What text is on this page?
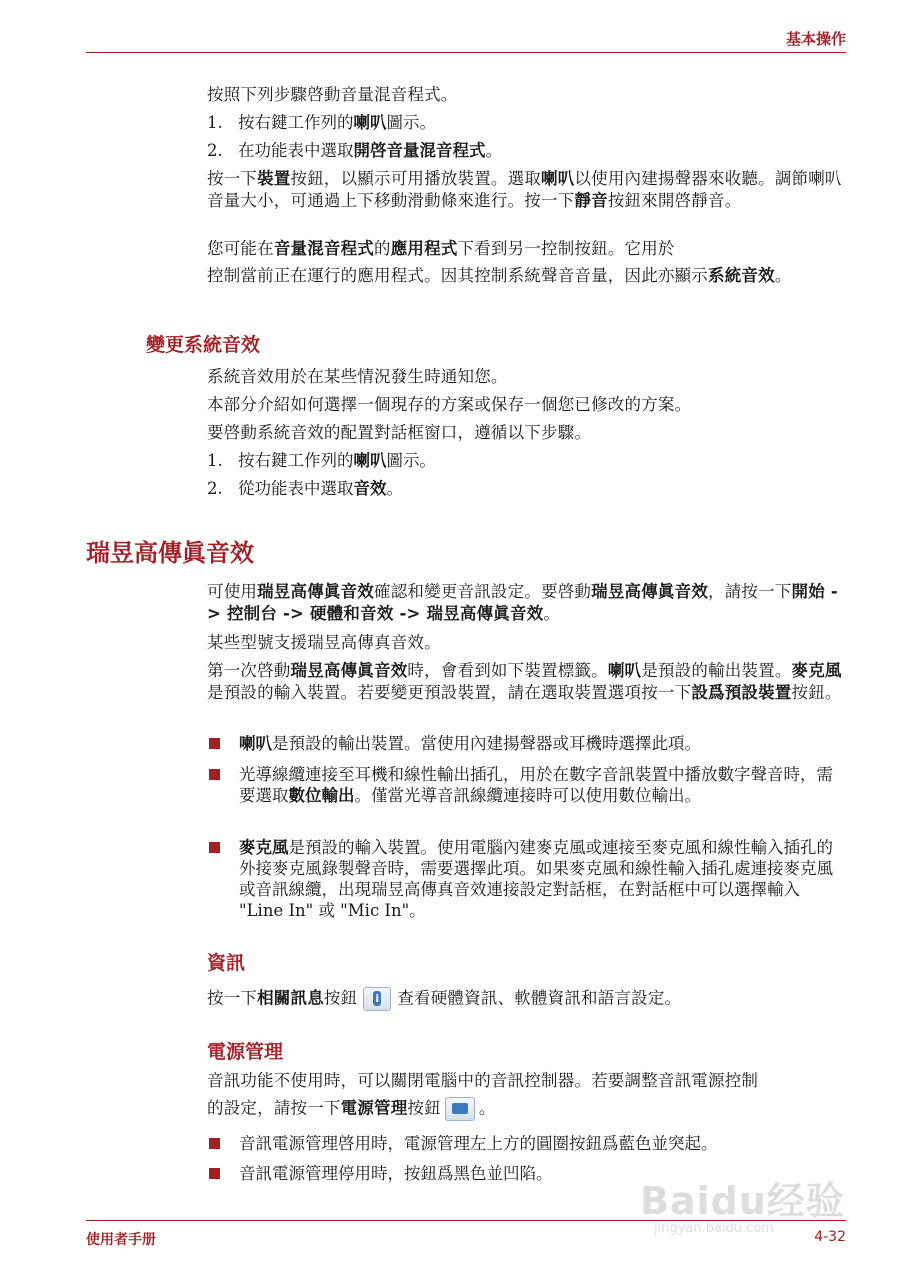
基本操作
按照下列步驟啓動音量混音程式。
1. 按右鍵工作列的喇叭圖示。
2. 在功能表中選取開啓音量混音程式。
按一下裝置按鈕，以顯示可用播放裝置。選取喇叭以使用內建揚聲器來收聽。調節喇叭音量大小，可通過上下移動滑動條來進行。按一下靜音按鈕來開啓靜音。
您可能在音量混音程式的應用程式下看到另一控制按鈕。它用於
控制當前正在運行的應用程式。因其控制系統聲音音量，因此亦顯示系統音效。
變更系統音效
系統音效用於在某些情況發生時通知您。
本部分介紹如何選擇一個現存的方案或保存一個您已修改的方案。
要啓動系統音效的配置對話框窗口，遵循以下步驟。
1. 按右鍵工作列的喇叭圖示。
2. 從功能表中選取音效。
瑞昱高傳眞音效
可使用瑞昱高傳眞音效確認和變更音訊設定。要啓動瑞昱高傳眞音效，請按一下開始 -> 控制台 -> 硬體和音效 -> 瑞昱高傳眞音效。
某些型號支援瑞昱高傳真音效。
第一次啓動瑞昱高傳眞音效時，會看到如下裝置標籤。喇叭是預設的輸出裝置。麥克風是預設的輸入裝置。若要變更預設裝置，請在選取裝置選項按一下設爲預設裝置按鈕。
喇叭是預設的輸出裝置。當使用內建揚聲器或耳機時選擇此項。
光導線纜連接至耳機和線性輸出插孔，用於在數字音訊裝置中播放數字聲音時，需要選取數位輸出。僅當光導音訊線纜連接時可以使用數位輸出。
麥克風是預設的輸入裝置。使用電腦內建麥克風或連接至麥克風和線性輸入插孔的外接麥克風錄製聲音時，需要選擇此項。如果麥克風和線性輸入插孔處連接麥克風或音訊線纜，出現瑞昱高傳真音效連接設定對話框，在對話框中可以選擇輸入 "Line In" 或 "Mic In"。
資訊
按一下相關訊息按鈕 i 查看硬體資訊、軟體資訊和語言設定。
電源管理
音訊功能不使用時，可以關閉電腦中的音訊控制器。若要調整音訊電源控制
的設定，請按一下電源管理按鈕 。
音訊電源管理啓用時，電源管理左上方的圓圈按鈕爲藍色並突起。
音訊電源管理停用時，按鈕爲黑色並凹陷。
Baidu经验
jingyan.baidu.com
使用者手册	4-32
